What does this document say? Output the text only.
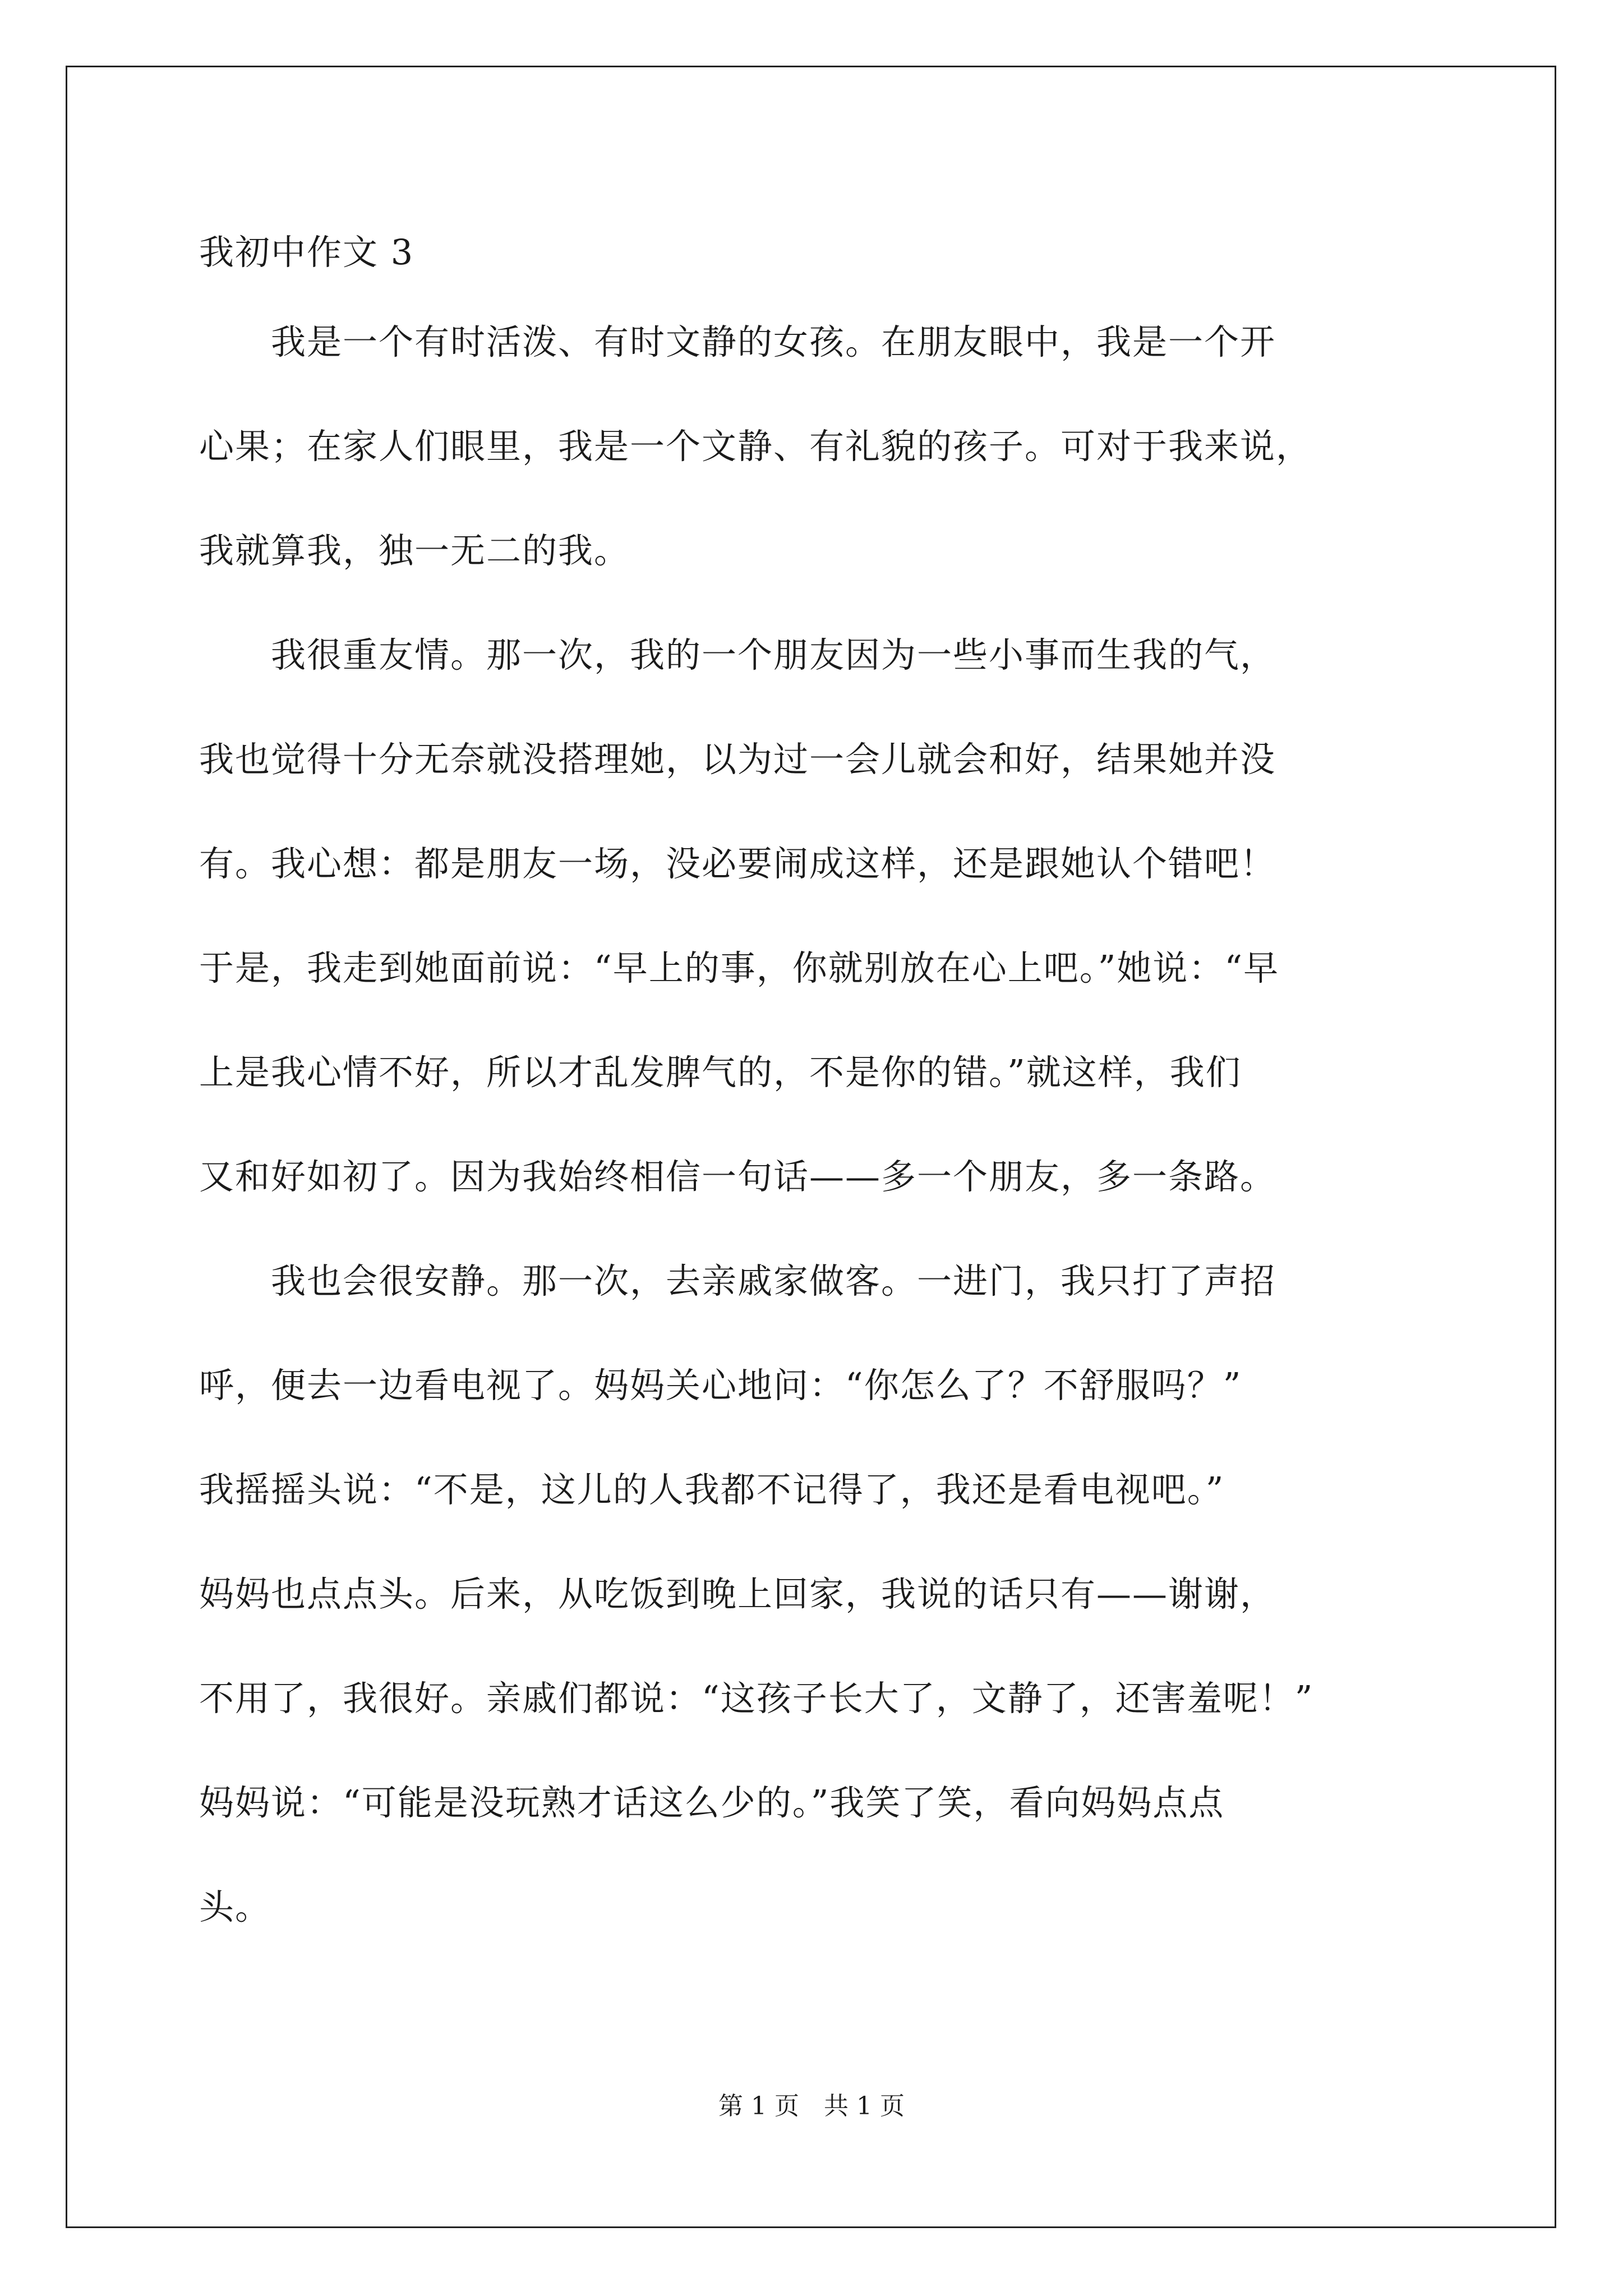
我初中作文 3
　　我是一个有时活泼、有时文静的女孩。在朋友眼中，我是一个开
心果；在家人们眼里，我是一个文静、有礼貌的孩子。可对于我来说，
我就算我，独一无二的我。
　　我很重友情。那一次，我的一个朋友因为一些小事而生我的气，
我也觉得十分无奈就没搭理她，以为过一会儿就会和好，结果她并没
有。我心想：都是朋友一场，没必要闹成这样，还是跟她认个错吧！
于是，我走到她面前说：“早上的事，你就别放在心上吧。”她说：“早
上是我心情不好，所以才乱发脾气的，不是你的错。”就这样，我们
又和好如初了。因为我始终相信一句话——多一个朋友，多一条路。
　　我也会很安静。那一次，去亲戚家做客。一进门，我只打了声招
呼，便去一边看电视了。妈妈关心地问：“你怎么了？不舒服吗？”
我摇摇头说：“不是，这儿的人我都不记得了，我还是看电视吧。”
妈妈也点点头。后来，从吃饭到晚上回家，我说的话只有——谢谢，
不用了，我很好。亲戚们都说：“这孩子长大了，文静了，还害羞呢！”
妈妈说：“可能是没玩熟才话这么少的。”我笑了笑，看向妈妈点点
头。
第 1 页　共 1 页
